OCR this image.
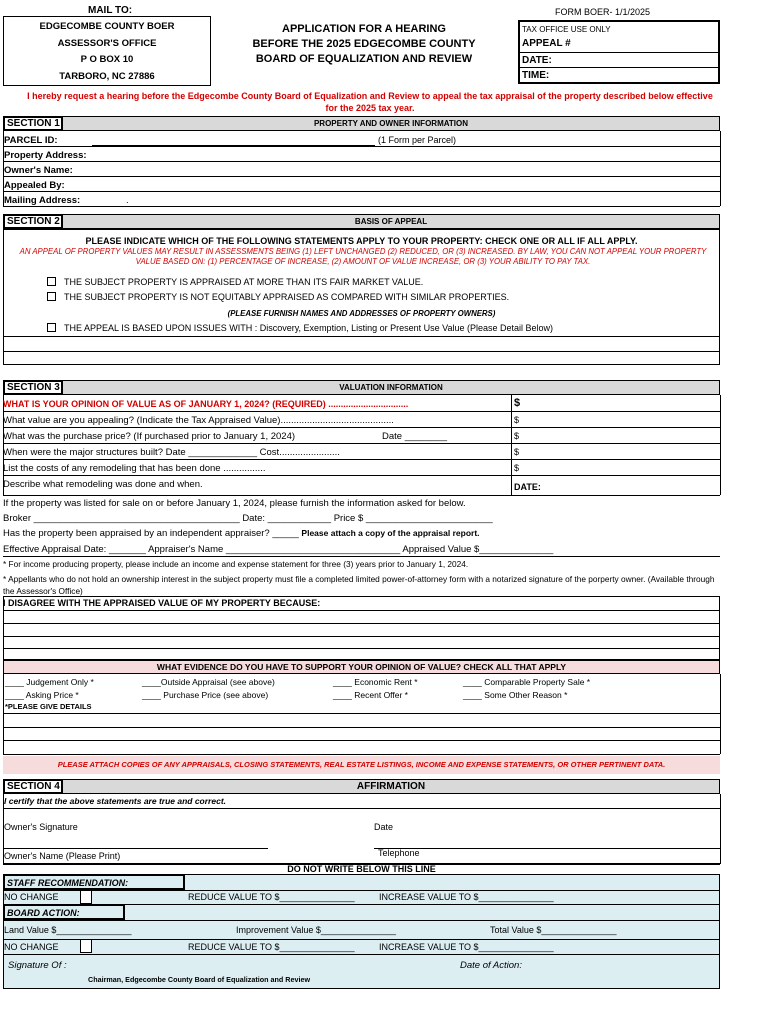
MAIL TO:
EDGECOMBE COUNTY BOER
ASSESSOR'S OFFICE
P O BOX 10
TARBORO, NC 27886
APPLICATION FOR A HEARING
BEFORE THE 2025 EDGECOMBE COUNTY
BOARD OF EQUALIZATION AND REVIEW
FORM BOER- 1/1/2025
TAX OFFICE USE ONLY
APPEAL #
DATE:
TIME:
I hereby request a hearing before the Edgecombe County Board of Equalization and Review to appeal the tax appraisal of the property described below effective for the 2025 tax year.
PROPERTY AND OWNER INFORMATION
SECTION 1
PARCEL ID:	(1 Form per Parcel)
Property Address:
Owner's Name:
Appealed By:
Mailing Address:	.
BASIS OF APPEAL
SECTION 2
PLEASE INDICATE WHICH OF THE FOLLOWING STATEMENTS APPLY TO YOUR PROPERTY: CHECK ONE OR ALL IF ALL APPLY.
AN APPEAL OF PROPERTY VALUES MAY RESULT IN ASSESSMENTS BEING (1) LEFT UNCHANGED (2) REDUCED, OR (3) INCREASED. BY LAW, YOU CAN NOT APPEAL YOUR PROPERTY VALUE BASED ON: (1) PERCENTAGE OF INCREASE, (2) AMOUNT OF VALUE INCREASE, OR (3) YOUR ABILITY TO PAY TAX.
THE SUBJECT PROPERTY IS APPRAISED AT MORE THAN ITS FAIR MARKET VALUE.
THE SUBJECT PROPERTY IS NOT EQUITABLY APPRAISED AS COMPARED WITH SIMILAR PROPERTIES.
(PLEASE FURNISH NAMES AND ADDRESSES OF PROPERTY OWNERS)
THE APPEAL IS BASED UPON ISSUES WITH : Discovery, Exemption, Listing or Present Use Value (Please Detail Below)
VALUATION INFORMATION
SECTION 3
WHAT IS YOUR OPINION OF VALUE AS OF JANUARY 1, 2024? (REQUIRED) ................................	$
What value are you appealing? (Indicate the Tax Appraised Value)...........................................	$
What was the purchase price? (If purchased prior to January 1, 2024)	Date ________	$
When were the major structures built? Date _____________ Cost.......................	$
List the costs of any remodeling that has been done ................	$
Describe what remodeling was done and when.	DATE:
If the property was listed for sale on or before January 1, 2024, please furnish the information asked for below.
Broker _______________________________________ Date: ____________ Price $ ________________________
Has the property been appraised by an independent appraiser? _____ Please attach a copy of the appraisal report.
Effective Appraisal Date: _______ Appraiser's Name _________________________________ Appraised Value $______________
* For income producing property, please include an income and expense statement for three (3) years prior to January 1, 2024.
* Appellants who do not hold an ownership interest in the subject property must file a completed limited power-of-attorney form with a notarized signature of the porperty owner. (Available through the Assessor's Office)
I DISAGREE WITH THE APPRAISED VALUE OF MY PROPERTY BECAUSE:
WHAT EVIDENCE DO YOU HAVE TO SUPPORT YOUR OPINION OF VALUE? CHECK ALL THAT APPLY
____ Judgement Only *	____Outside Appraisal (see above)	____ Economic Rent *	____ Comparable Property Sale *
____ Asking Price *	____ Purchase Price (see above)	____ Recent Offer *	____ Some Other Reason *
*PLEASE GIVE DETAILS
PLEASE ATTACH COPIES OF ANY APPRAISALS, CLOSING STATEMENTS, REAL ESTATE LISTINGS, INCOME AND EXPENSE STATEMENTS, OR OTHER PERTINENT DATA.
AFFIRMATION
SECTION 4
I certify that the above statements are true and correct.
Owner's Signature	Date
Owner's Name (Please Print)	Telephone
DO NOT WRITE BELOW THIS LINE
STAFF RECOMMENDATION:
NO CHANGE	REDUCE VALUE TO $_______________	INCREASE VALUE TO $_______________
BOARD ACTION:
Land Value $_______________	Improvement Value $_______________	Total Value $_______________
NO CHANGE	REDUCE VALUE TO $_______________	INCREASE VALUE TO $_______________
Signature Of :	Date of Action:
Chairman, Edgecombe County Board of Equalization and Review
